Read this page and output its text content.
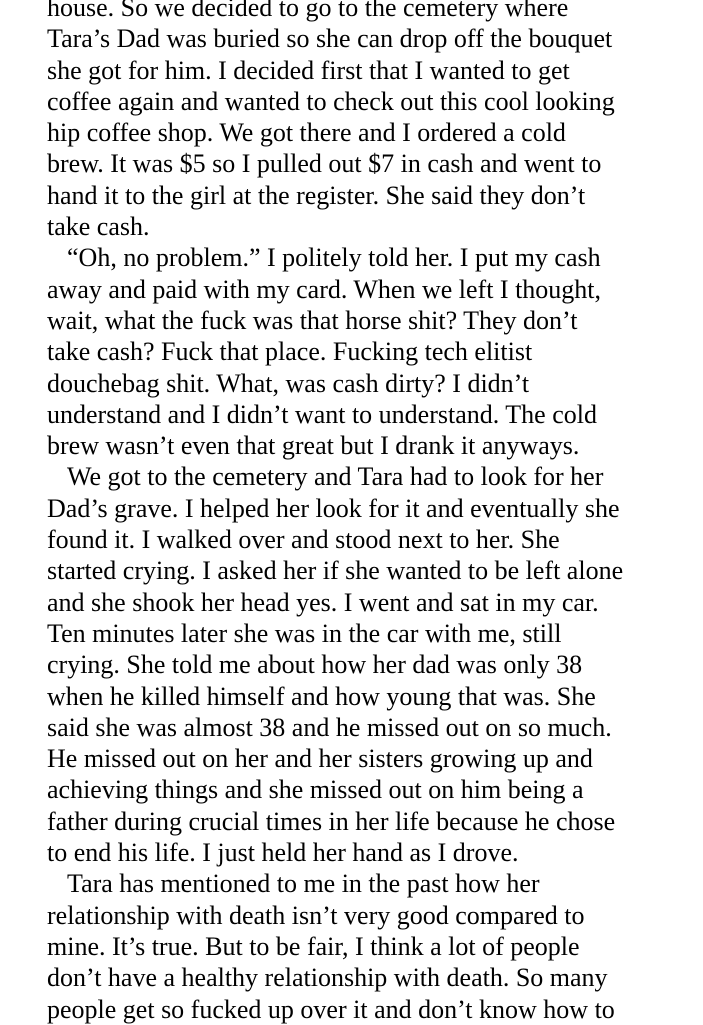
house. So we decided to go to the cemetery where
Tara’s Dad was buried so she can drop off the bouquet
she got for him. I decided first that I wanted to get
coffee again and wanted to check out this cool looking
hip coffee shop. We got there and I ordered a cold
brew. It was $5 so I pulled out $7 in cash and went to
hand it to the girl at the register. She said they don’t
take cash.
“Oh, no problem.” I politely told her. I put my cash
away and paid with my card. When we left I thought,
wait, what the fuck was that horse shit? They don’t
take cash? Fuck that place. Fucking tech elitist
douchebag shit. What, was cash dirty? I didn’t
understand and I didn’t want to understand. The cold
brew wasn’t even that great but I drank it anyways.
We got to the cemetery and Tara had to look for her
Dad’s grave. I helped her look for it and eventually she
found it. I walked over and stood next to her. She
started crying. I asked her if she wanted to be left alone
and she shook her head yes. I went and sat in my car.
Ten minutes later she was in the car with me, still
crying. She told me about how her dad was only 38
when he killed himself and how young that was. She
said she was almost 38 and he missed out on so much.
He missed out on her and her sisters growing up and
achieving things and she missed out on him being a
father during crucial times in her life because he chose
to end his life. I just held her hand as I drove.
Tara has mentioned to me in the past how her
relationship with death isn’t very good compared to
mine. It’s true. But to be fair, I think a lot of people
don’t have a healthy relationship with death. So many
people get so fucked up over it and don’t know how to
